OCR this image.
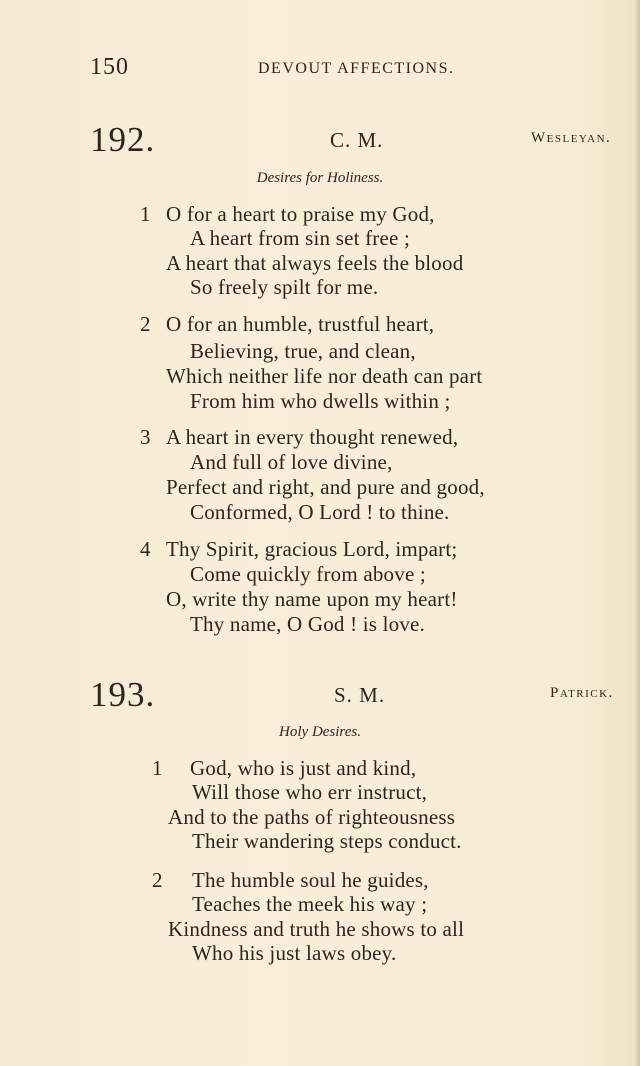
150	DEVOUT AFFECTIONS.
192.	C. M.	Wesleyan.
Desires for Holiness.
1 O for a heart to praise my God,
A heart from sin set free ;
A heart that always feels the blood
So freely spilt for me.
2 O for an humble, trustful heart,
Believing, true, and clean,
Which neither life nor death can part
From him who dwells within ;
3 A heart in every thought renewed,
And full of love divine,
Perfect and right, and pure and good,
Conformed, O Lord ! to thine.
4 Thy Spirit, gracious Lord, impart;
Come quickly from above ;
O, write thy name upon my heart!
Thy name, O God ! is love.
193.	S. M.	Patrick.
Holy Desires.
1 God, who is just and kind,
Will those who err instruct,
And to the paths of righteousness
Their wandering steps conduct.
2 The humble soul he guides,
Teaches the meek his way ;
Kindness and truth he shows to all
Who his just laws obey.
